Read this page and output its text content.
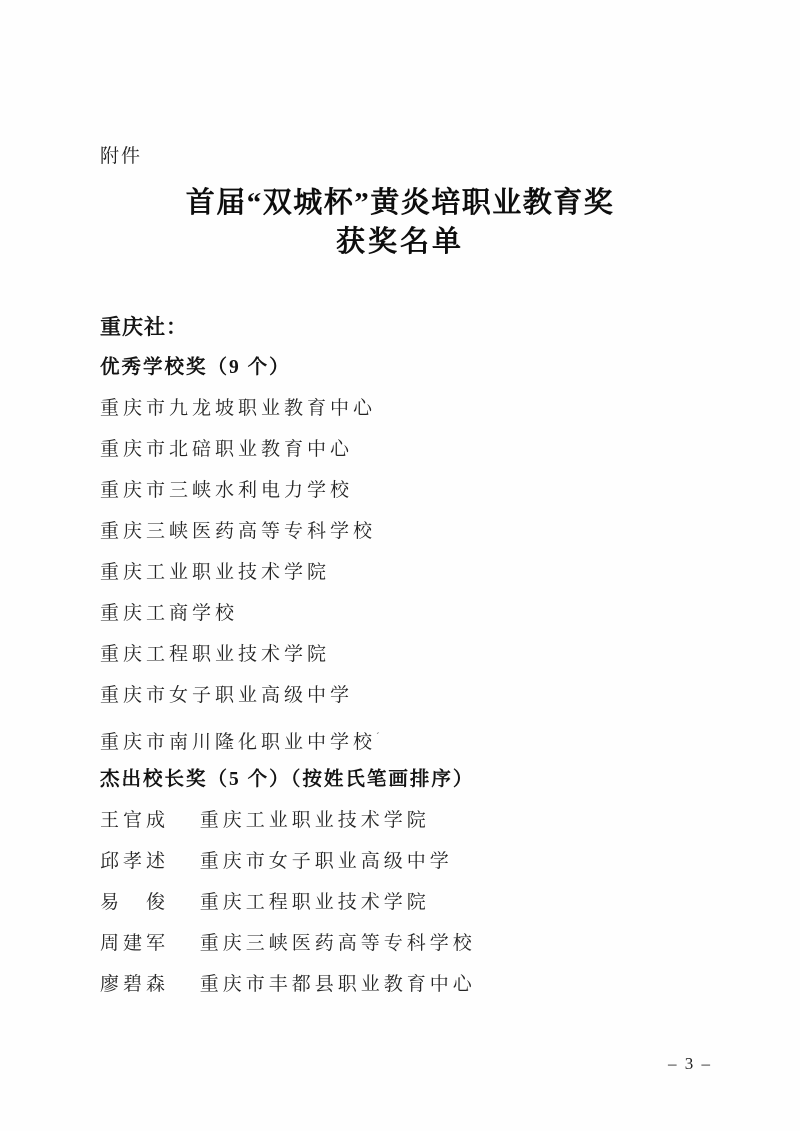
附件
首届“双城杯”黄炎培职业教育奖
获奖名单
重庆社：
优秀学校奖（9 个）
重庆市九龙坡职业教育中心
重庆市北碚职业教育中心
重庆市三峡水利电力学校
重庆三峡医药高等专科学校
重庆工业职业技术学院
重庆工商学校
重庆工程职业技术学院
重庆市女子职业高级中学
重庆市南川隆化职业中学校$^ˊ$
杰出校长奖（5 个）（按姓氏笔画排序）
王官成 重庆工业职业技术学院
邱孝述 重庆市女子职业高级中学
易　俊 重庆工程职业技术学院
周建军 重庆三峡医药高等专科学校
廖碧森 重庆市丰都县职业教育中心
– 3 –
